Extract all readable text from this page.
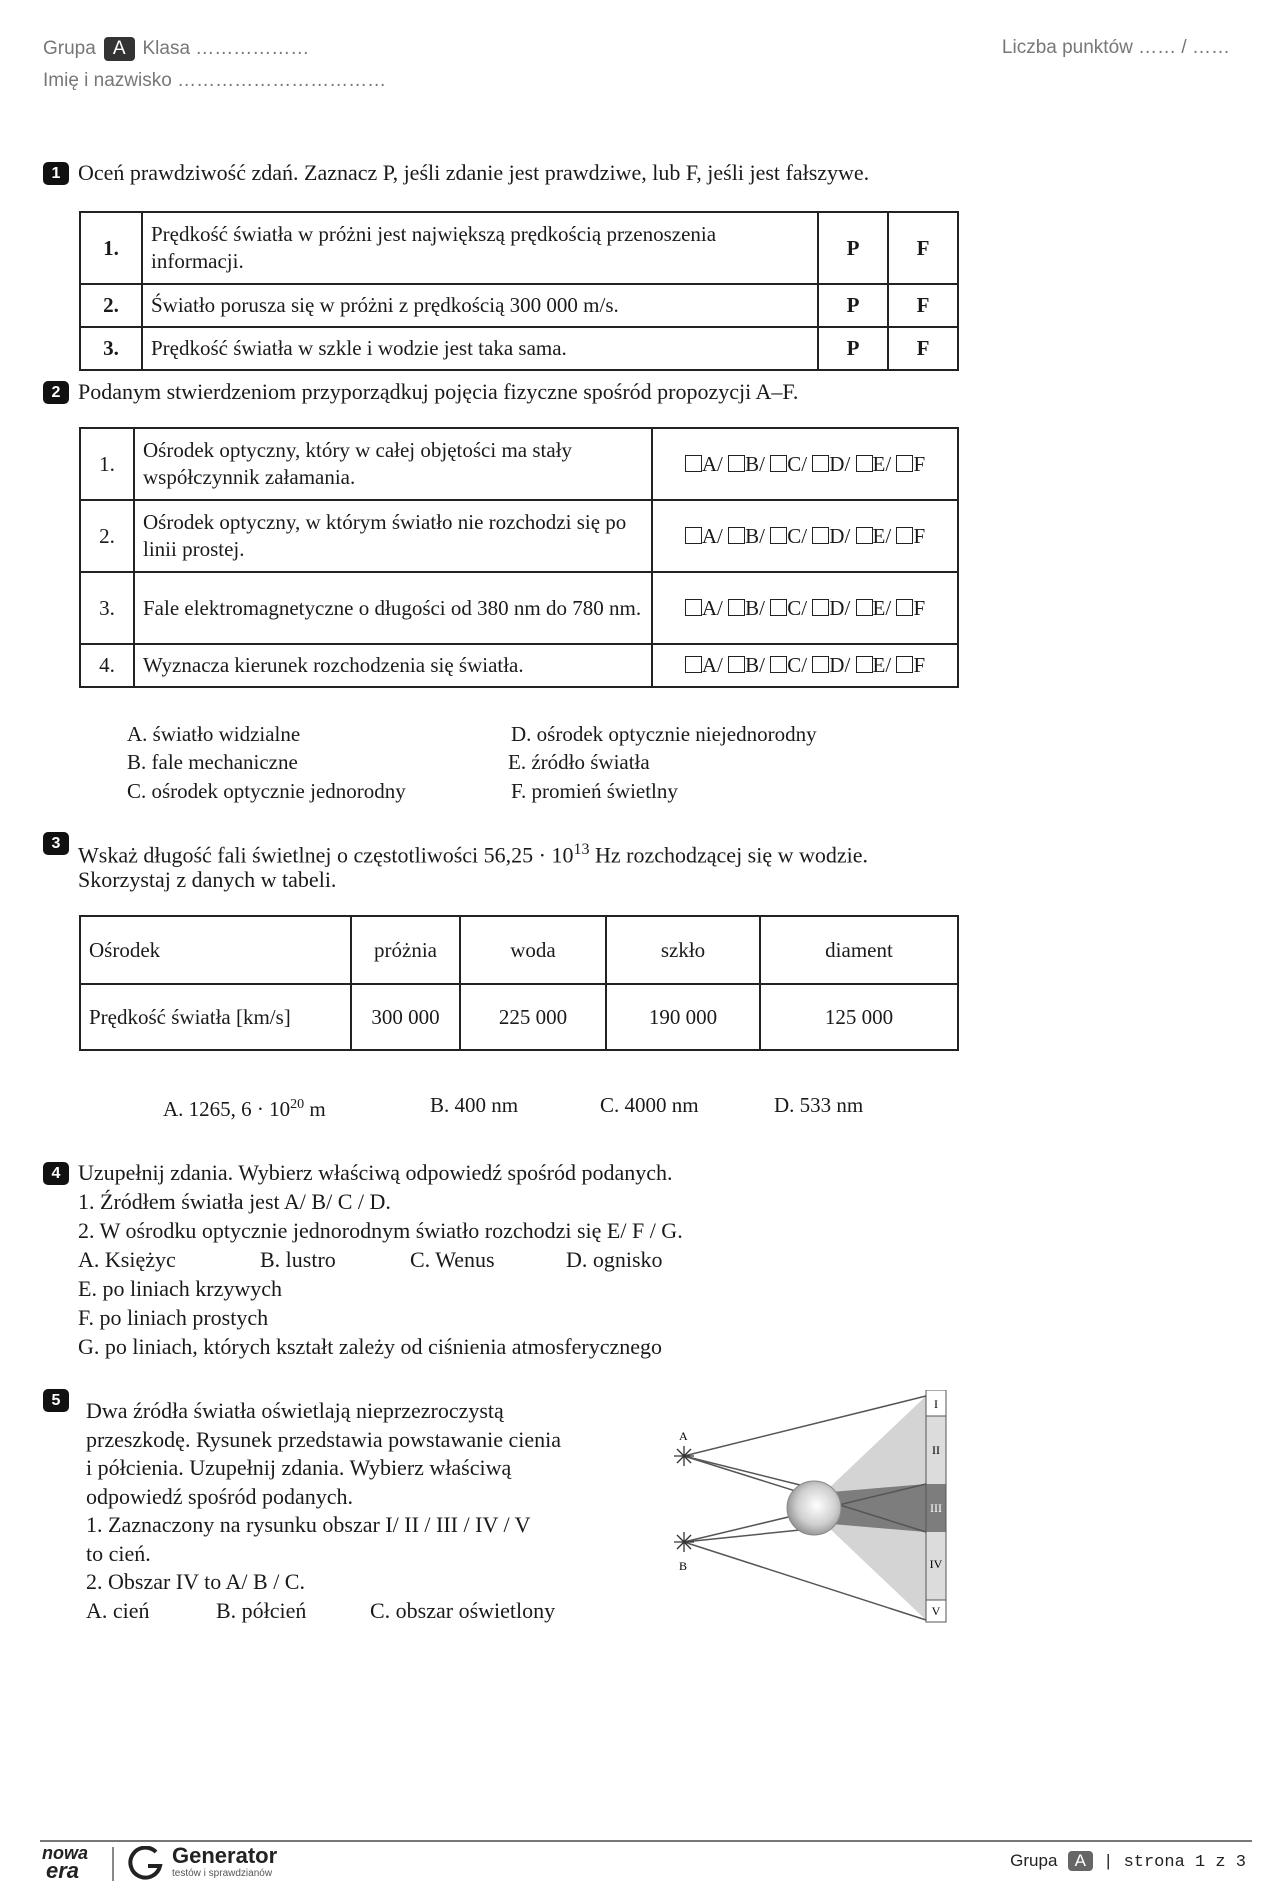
Grupa A Klasa ………………
Imię i nazwisko ……………………………
Liczba punktów …… / ……
1 Oceń prawdziwość zdań. Zaznacz P, jeśli zdanie jest prawdziwe, lub F, jeśli jest fałszywe.
1.	Prędkość światła w próżni jest największą prędkością przenoszenia informacji.	P	F
2.	Światło porusza się w próżni z prędkością 300 000 m/s.	P	F
3.	Prędkość światła w szkle i wodzie jest taka sama.	P	F
2 Podanym stwierdzeniom przyporządkuj pojęcia fizyczne spośród propozycji A–F.
1.	Ośrodek optyczny, który w całej objętości ma stały współczynnik załamania.	A/ B/ C/ D/ E/ F
2.	Ośrodek optyczny, w którym światło nie rozchodzi się po linii prostej.	A/ B/ C/ D/ E/ F
3.	Fale elektromagnetyczne o długości od 380 nm do 780 nm.	A/ B/ C/ D/ E/ F
4.	Wyznacza kierunek rozchodzenia się światła.	A/ B/ C/ D/ E/ F
A. światło widzialne
B. fale mechaniczne
C. ośrodek optycznie jednorodny
D. ośrodek optycznie niejednorodny
E. źródło światła
F. promień świetlny
3 Wskaż długość fali świetlnej o częstotliwości $56,25 \cdot 10^{13}$ Hz rozchodzącej się w wodzie.
Skorzystaj z danych w tabeli.
Ośrodek	próżnia	woda	szkło	diament
Prędkość światła [km/s]	300 000	225 000	190 000	125 000
A. 1265, $6 \cdot 10^{20}$ m	B. 400 nm	C. 4000 nm	D. 533 nm
4 Uzupełnij zdania. Wybierz właściwą odpowiedź spośród podanych.
1. Źródłem światła jest A/ B/ C / D.
2. W ośrodku optycznie jednorodnym światło rozchodzi się E/ F / G.
A. Księżyc	B. lustro	C. Wenus	D. ognisko
E. po liniach krzywych
F. po liniach prostych
G. po liniach, których kształt zależy od ciśnienia atmosferycznego
5	Dwa źródła światła oświetlają nieprzezroczystą
przeszkodę. Rysunek przedstawia powstawanie cienia
i półcienia. Uzupełnij zdania. Wybierz właściwą
odpowiedź spośród podanych.
1. Zaznaczony na rysunku obszar I/ II / III / IV / V
to cień.
2. Obszar IV to A/ B / C.
A. cień	B. półcień	C. obszar oświetlony
A
B
I
II
III
IV
V
nowa
era
Generator
testów i sprawdzianów
Grupa A | strona 1 z 3
